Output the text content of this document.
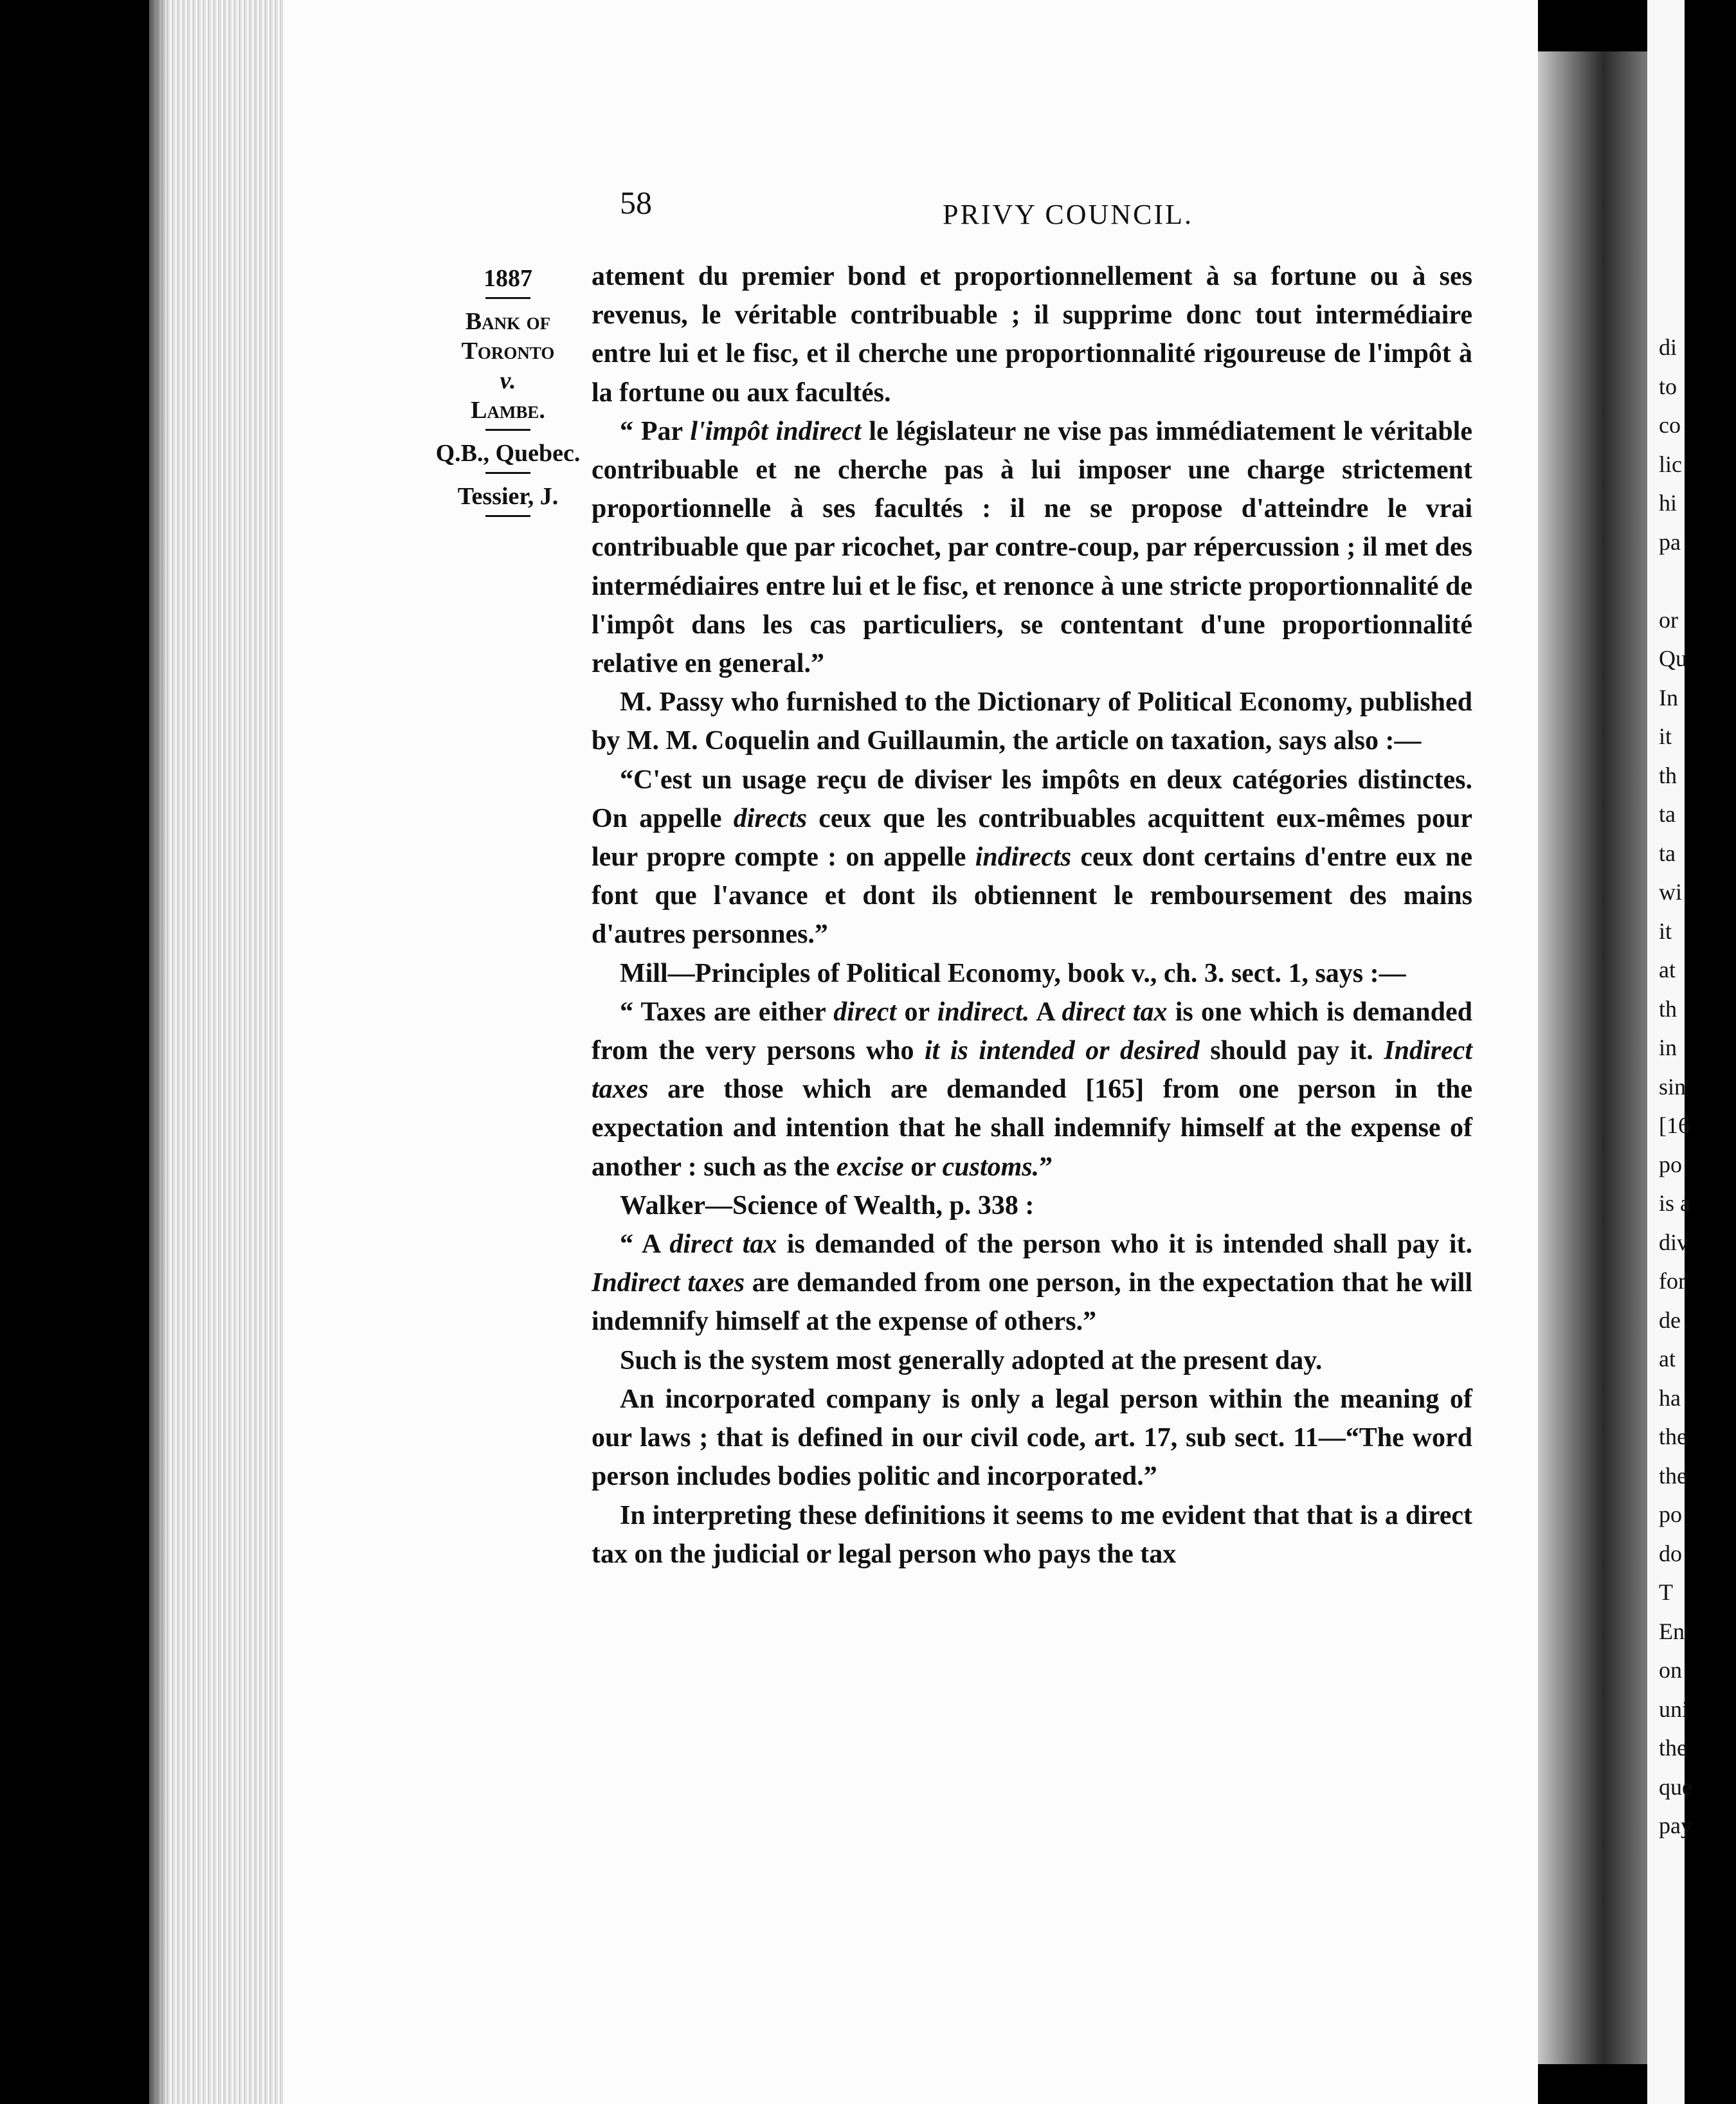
58	PRIVY COUNCIL.
1887
Bank of
Toronto
v.
Lambe.
Q.B., Quebec.
Tessier, J.

atement du premier bond et proportionnellement à sa fortune ou à ses revenus, le véritable contribuable ; il supprime donc tout intermédiaire entre lui et le fisc, et il cherche une proportionnalité rigoureuse de l'impôt à la fortune ou aux facultés.

“ Par l'impôt indirect le législateur ne vise pas immédiatement le véritable contribuable et ne cherche pas à lui imposer une charge strictement proportionnelle à ses facultés : il ne se propose d'atteindre le vrai contribuable que par ricochet, par contre-coup, par répercussion ; il met des intermédiaires entre lui et le fisc, et renonce à une stricte proportionnalité de l'impôt dans les cas particuliers, se contentant d'une proportionnalité relative en general.”

M. Passy who furnished to the Dictionary of Political Economy, published by M. M. Coquelin and Guillaumin, the article on taxation, says also :—

“C'est un usage reçu de diviser les impôts en deux catégories distinctes. On appelle directs ceux que les contribuables acquittent eux-mêmes pour leur propre compte : on appelle indirects ceux dont certains d'entre eux ne font que l'avance et dont ils obtiennent le remboursement des mains d'autres personnes.”

Mill—Principles of Political Economy, book v., ch. 3. sect. 1, says :—

“ Taxes are either direct or indirect. A direct tax is one which is demanded from the very persons who it is intended or desired should pay it. Indirect taxes are those which are demanded [165] from one person in the expectation and intention that he shall indemnify himself at the expense of another : such as the excise or customs.”

Walker—Science of Wealth, p. 338 :

“ A direct tax is demanded of the person who it is intended shall pay it. Indirect taxes are demanded from one person, in the expectation that he will indemnify himself at the expense of others.”

Such is the system most generally adopted at the present day.

An incorporated company is only a legal person within the meaning of our laws ; that is defined in our civil code, art. 17, sub sect. 11—“The word person includes bodies politic and incorporated.”

In interpreting these definitions it seems to me evident that that is a direct tax on the judicial or legal person who pays the tax

di
to
co
lic
hi
pa
or
Qu
In
it
th
ta
ta
wi
it
at
th
in
sin
[16
po
is a
div
for
de
at
ha
the
the
po
do
T
En
on
uni
the
que
pay
